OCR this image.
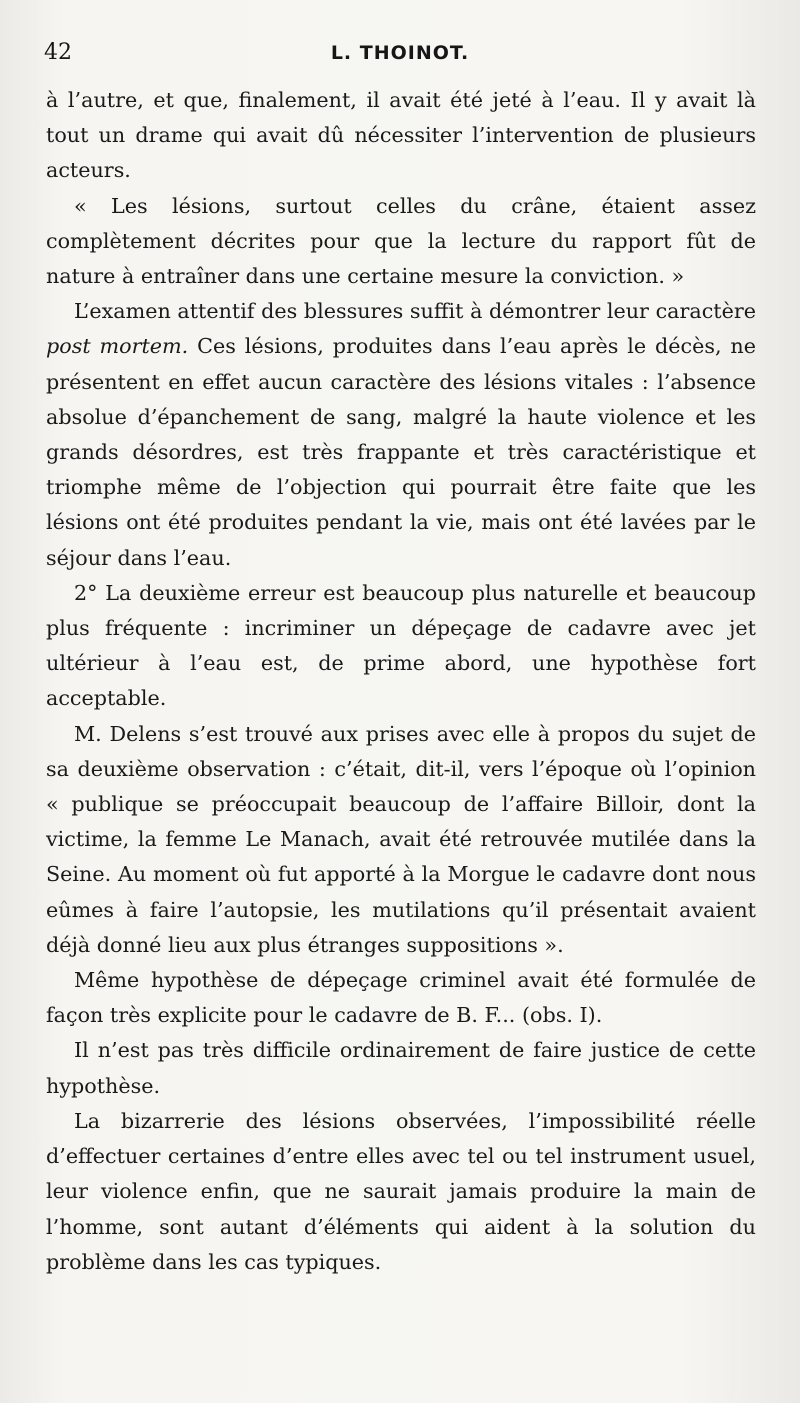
42	L. THOINOT.

à l’autre, et que, finalement, il avait été jeté à l’eau. Il y avait là tout un drame qui avait dû nécessiter l’intervention de plusieurs acteurs.

« Les lésions, surtout celles du crâne, étaient assez complètement décrites pour que la lecture du rapport fût de nature à entraîner dans une certaine mesure la conviction. »

L’examen attentif des blessures suffit à démontrer leur caractère post mortem. Ces lésions, produites dans l’eau après le décès, ne présentent en effet aucun caractère des lésions vitales : l’absence absolue d’épanchement de sang, malgré la haute violence et les grands désordres, est très frappante et très caractéristique et triomphe même de l’objection qui pourrait être faite que les lésions ont été produites pendant la vie, mais ont été lavées par le séjour dans l’eau.

2° La deuxième erreur est beaucoup plus naturelle et beaucoup plus fréquente : incriminer un dépeçage de cadavre avec jet ultérieur à l’eau est, de prime abord, une hypothèse fort acceptable.

M. Delens s’est trouvé aux prises avec elle à propos du sujet de sa deuxième observation : c’était, dit-il, vers l’époque où l’opinion « publique se préoccupait beaucoup de l’affaire Billoir, dont la victime, la femme Le Manach, avait été retrouvée mutilée dans la Seine. Au moment où fut apporté à la Morgue le cadavre dont nous eûmes à faire l’autopsie, les mutilations qu’il présentait avaient déjà donné lieu aux plus étranges suppositions ».

Même hypothèse de dépeçage criminel avait été formulée de façon très explicite pour le cadavre de B. F... (obs. I).

Il n’est pas très difficile ordinairement de faire justice de cette hypothèse.

La bizarrerie des lésions observées, l’impossibilité réelle d’effectuer certaines d’entre elles avec tel ou tel instrument usuel, leur violence enfin, que ne saurait jamais produire la main de l’homme, sont autant d’éléments qui aident à la solution du problème dans les cas typiques.
